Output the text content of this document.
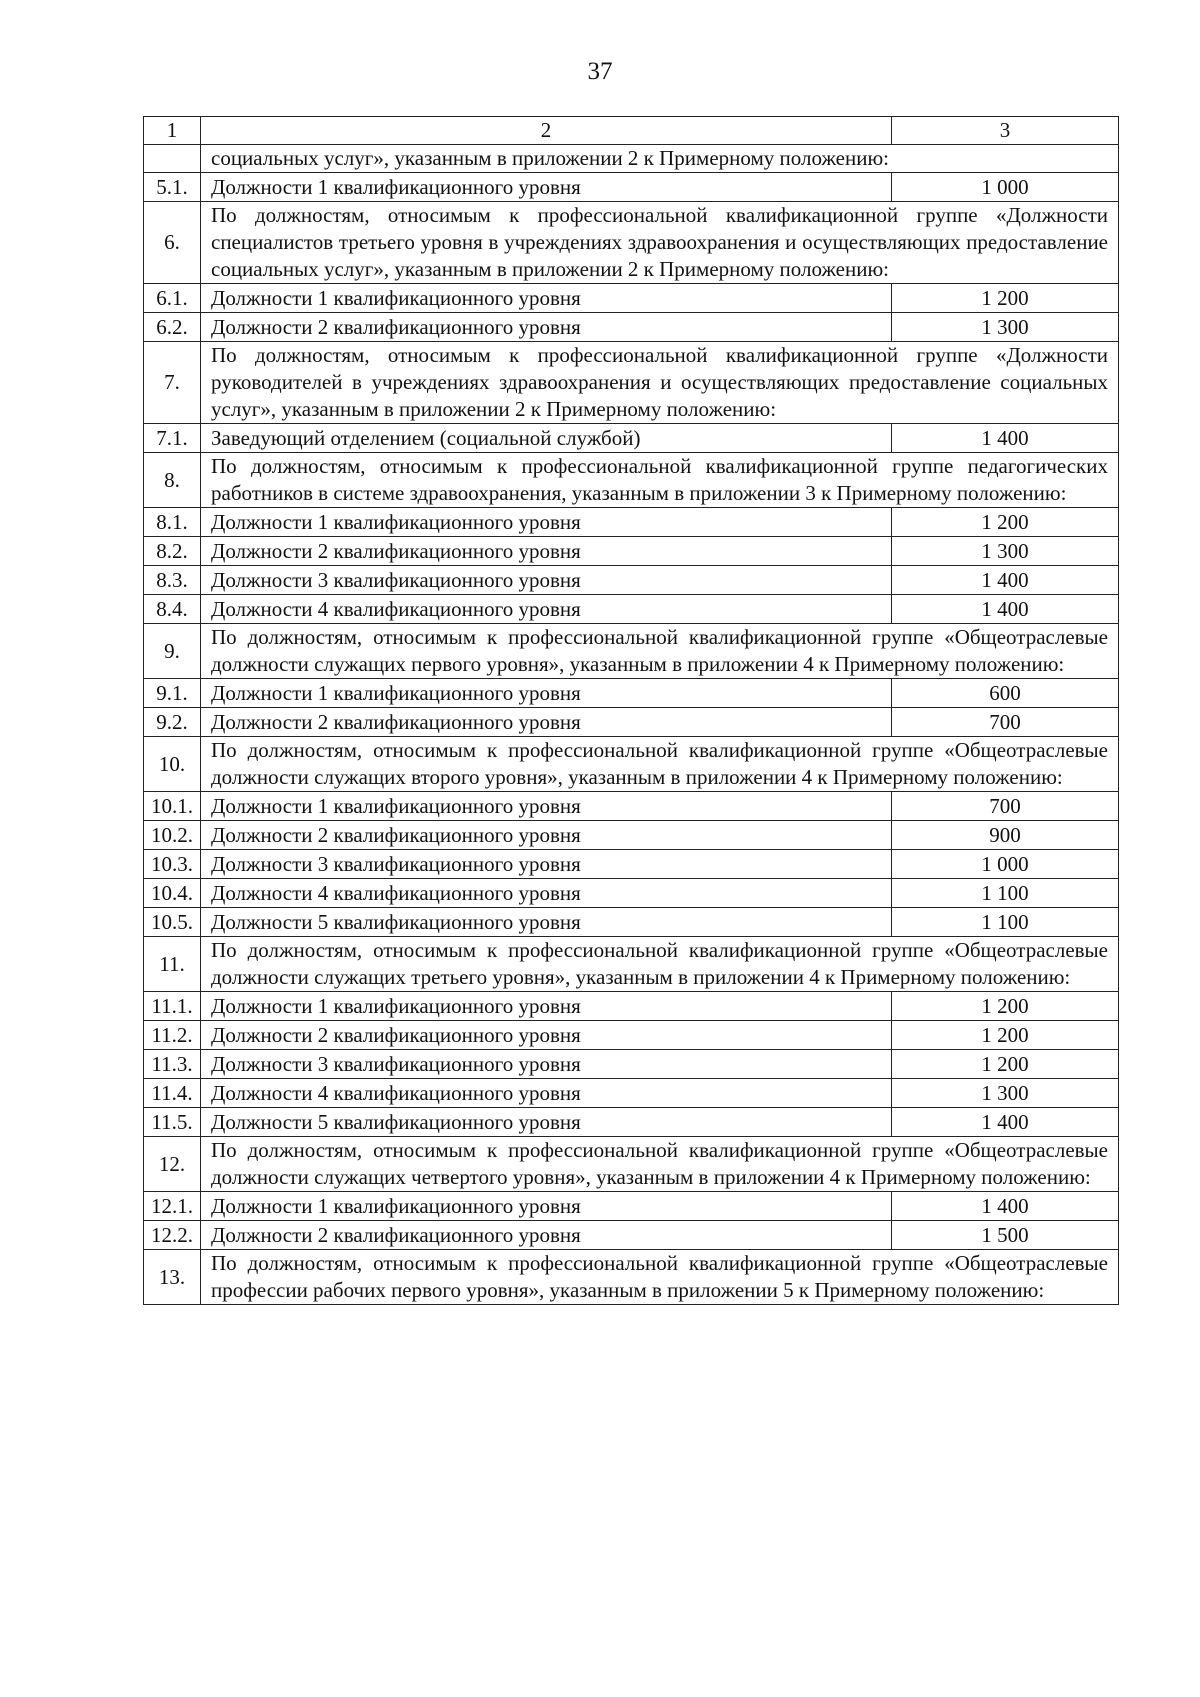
37
1	2	3
	социальных услуг», указанным в приложении 2 к Примерному положению:	
5.1.	Должности 1 квалификационного уровня	1 000
6.	По должностям, относимым к профессиональной квалификационной группе «Должности специалистов третьего уровня в учреждениях здравоохранения и осуществляющих предоставление социальных услуг», указанным в приложении 2 к Примерному положению:	
6.1.	Должности 1 квалификационного уровня	1 200
6.2.	Должности 2 квалификационного уровня	1 300
7.	По должностям, относимым к профессиональной квалификационной группе «Должности руководителей в учреждениях здравоохранения и осуществляющих предоставление социальных услуг», указанным в приложении 2 к Примерному положению:	
7.1.	Заведующий отделением (социальной службой)	1 400
8.	По должностям, относимым к профессиональной квалификационной группе педагогических работников в системе здравоохранения, указанным в приложении 3 к Примерному положению:	
8.1.	Должности 1 квалификационного уровня	1 200
8.2.	Должности 2 квалификационного уровня	1 300
8.3.	Должности 3 квалификационного уровня	1 400
8.4.	Должности 4 квалификационного уровня	1 400
9.	По должностям, относимым к профессиональной квалификационной группе «Общеотраслевые должности служащих первого уровня», указанным в приложении 4 к Примерному положению:	
9.1.	Должности 1 квалификационного уровня	600
9.2.	Должности 2 квалификационного уровня	700
10.	По должностям, относимым к профессиональной квалификационной группе «Общеотраслевые должности служащих второго уровня», указанным в приложении 4 к Примерному положению:	
10.1.	Должности 1 квалификационного уровня	700
10.2.	Должности 2 квалификационного уровня	900
10.3.	Должности 3 квалификационного уровня	1 000
10.4.	Должности 4 квалификационного уровня	1 100
10.5.	Должности 5 квалификационного уровня	1 100
11.	По должностям, относимым к профессиональной квалификационной группе «Общеотраслевые должности служащих третьего уровня», указанным в приложении 4 к Примерному положению:	
11.1.	Должности 1 квалификационного уровня	1 200
11.2.	Должности 2 квалификационного уровня	1 200
11.3.	Должности 3 квалификационного уровня	1 200
11.4.	Должности 4 квалификационного уровня	1 300
11.5.	Должности 5 квалификационного уровня	1 400
12.	По должностям, относимым к профессиональной квалификационной группе «Общеотраслевые должности служащих четвертого уровня», указанным в приложении 4 к Примерному положению:	
12.1.	Должности 1 квалификационного уровня	1 400
12.2.	Должности 2 квалификационного уровня	1 500
13.	По должностям, относимым к профессиональной квалификационной группе «Общеотраслевые профессии рабочих первого уровня», указанным в приложении 5 к Примерному положению:	
